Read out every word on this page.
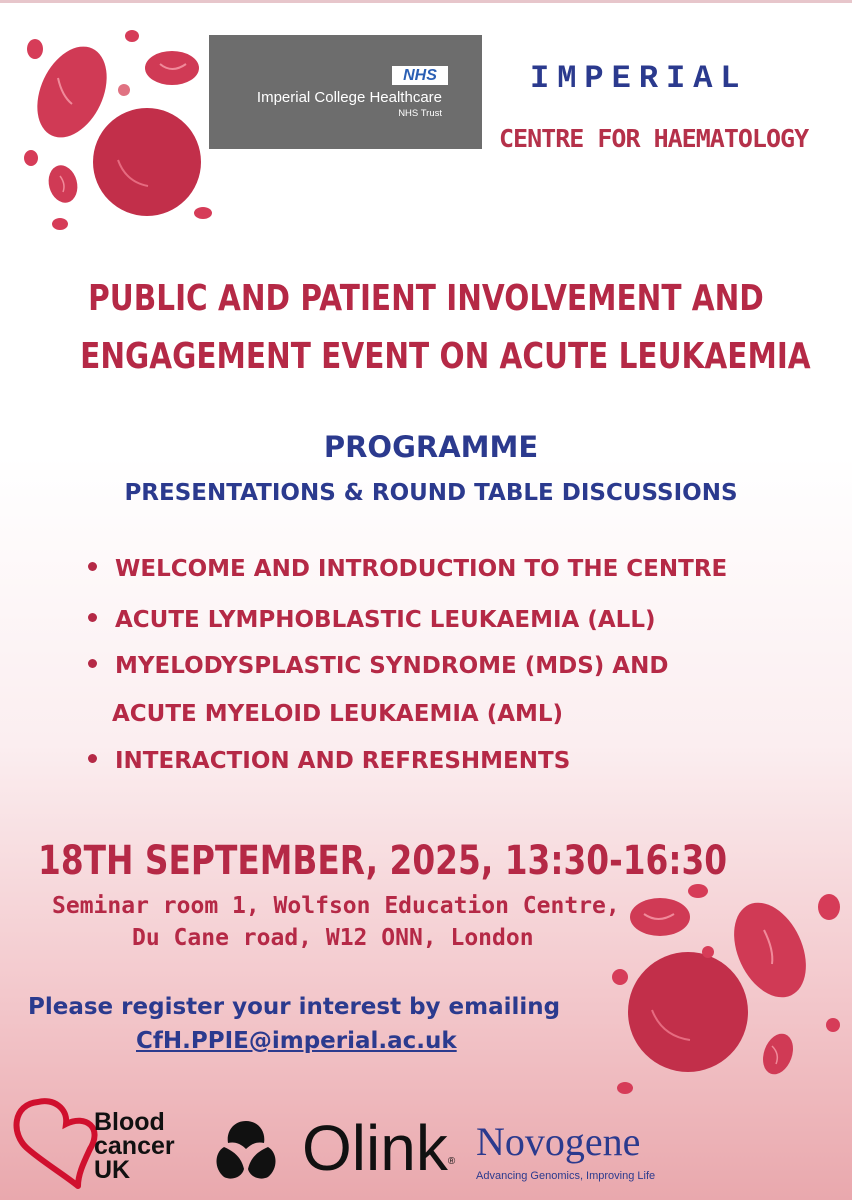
NHS
Imperial College Healthcare
NHS Trust
IMPERIAL
CENTRE FOR HAEMATOLOGY
PUBLIC AND PATIENT INVOLVEMENT AND
ENGAGEMENT EVENT ON ACUTE LEUKAEMIA
PROGRAMME
PRESENTATIONS & ROUND TABLE DISCUSSIONS
WELCOME AND INTRODUCTION TO THE CENTRE
ACUTE LYMPHOBLASTIC LEUKAEMIA (ALL)
MYELODYSPLASTIC SYNDROME (MDS) AND
ACUTE MYELOID LEUKAEMIA (AML)
INTERACTION AND REFRESHMENTS
18TH SEPTEMBER, 2025, 13:30-16:30
Seminar room 1, Wolfson Education Centre,
Du Cane road, W12 ONN, London
Please register your interest by emailing
CfH.PPIE@imperial.ac.uk
Blood
cancer
UK	Olink® Novogene
Advancing Genomics, Improving Life
